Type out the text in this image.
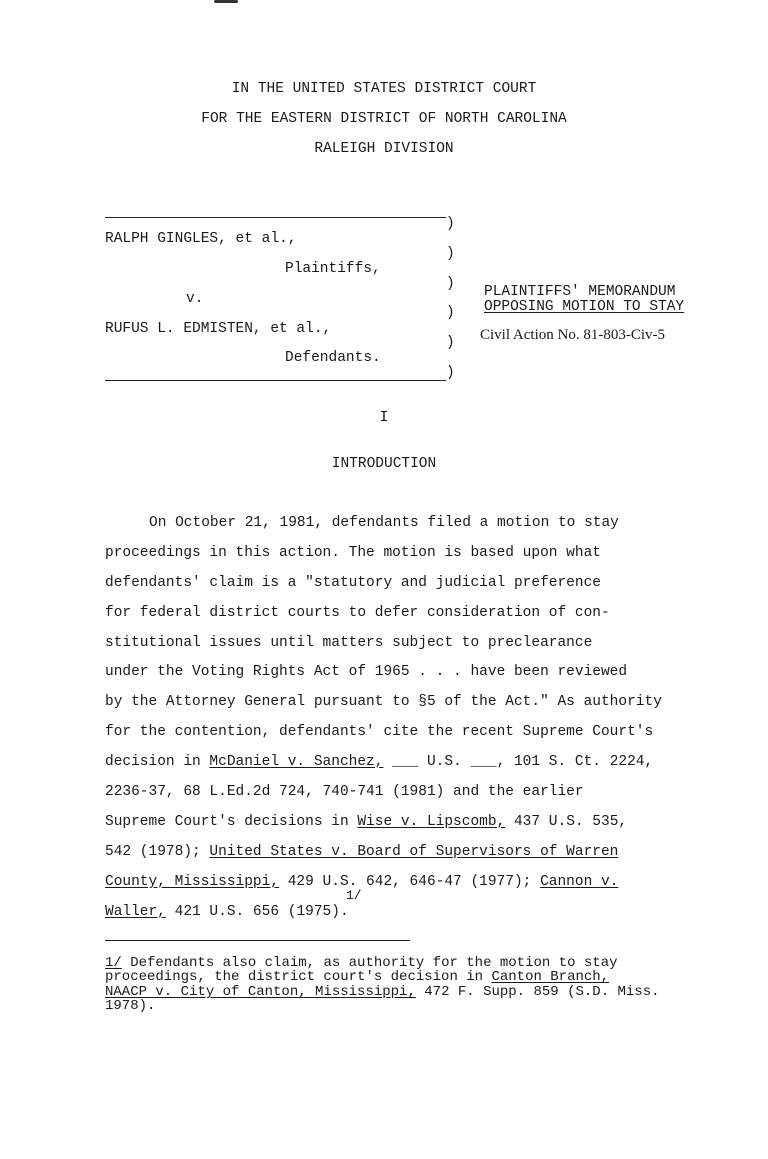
IN THE UNITED STATES DISTRICT COURT
FOR THE EASTERN DISTRICT OF NORTH CAROLINA
RALEIGH DIVISION
)
)
)
)
)
)
RALPH GINGLES, et al.,
Plaintiffs,
v.
RUFUS L. EDMISTEN, et al.,
Defendants.
PLAINTIFFS' MEMORANDUM
OPPOSING MOTION TO STAY
Civil Action No. 81-803-Civ-5
I
INTRODUCTION
On October 21, 1981, defendants filed a motion to stay
proceedings in this action. The motion is based upon what
defendants' claim is a "statutory and judicial preference
for federal district courts to defer consideration of con-
stitutional issues until matters subject to preclearance
under the Voting Rights Act of 1965 . . . have been reviewed
by the Attorney General pursuant to §5 of the Act." As authority
for the contention, defendants' cite the recent Supreme Court's
decision in McDaniel v. Sanchez, ___ U.S. ___, 101 S. Ct. 2224,
2236-37, 68 L.Ed.2d 724, 740-741 (1981) and the earlier
Supreme Court's decisions in Wise v. Lipscomb, 437 U.S. 535,
542 (1978); United States v. Board of Supervisors of Warren
County, Mississippi, 429 U.S. 642, 646-47 (1977); Cannon v.
1/
Waller, 421 U.S. 656 (1975).
1/ Defendants also claim, as authority for the motion to stay
proceedings, the district court's decision in Canton Branch,
NAACP v. City of Canton, Mississippi, 472 F. Supp. 859 (S.D. Miss.
1978).
